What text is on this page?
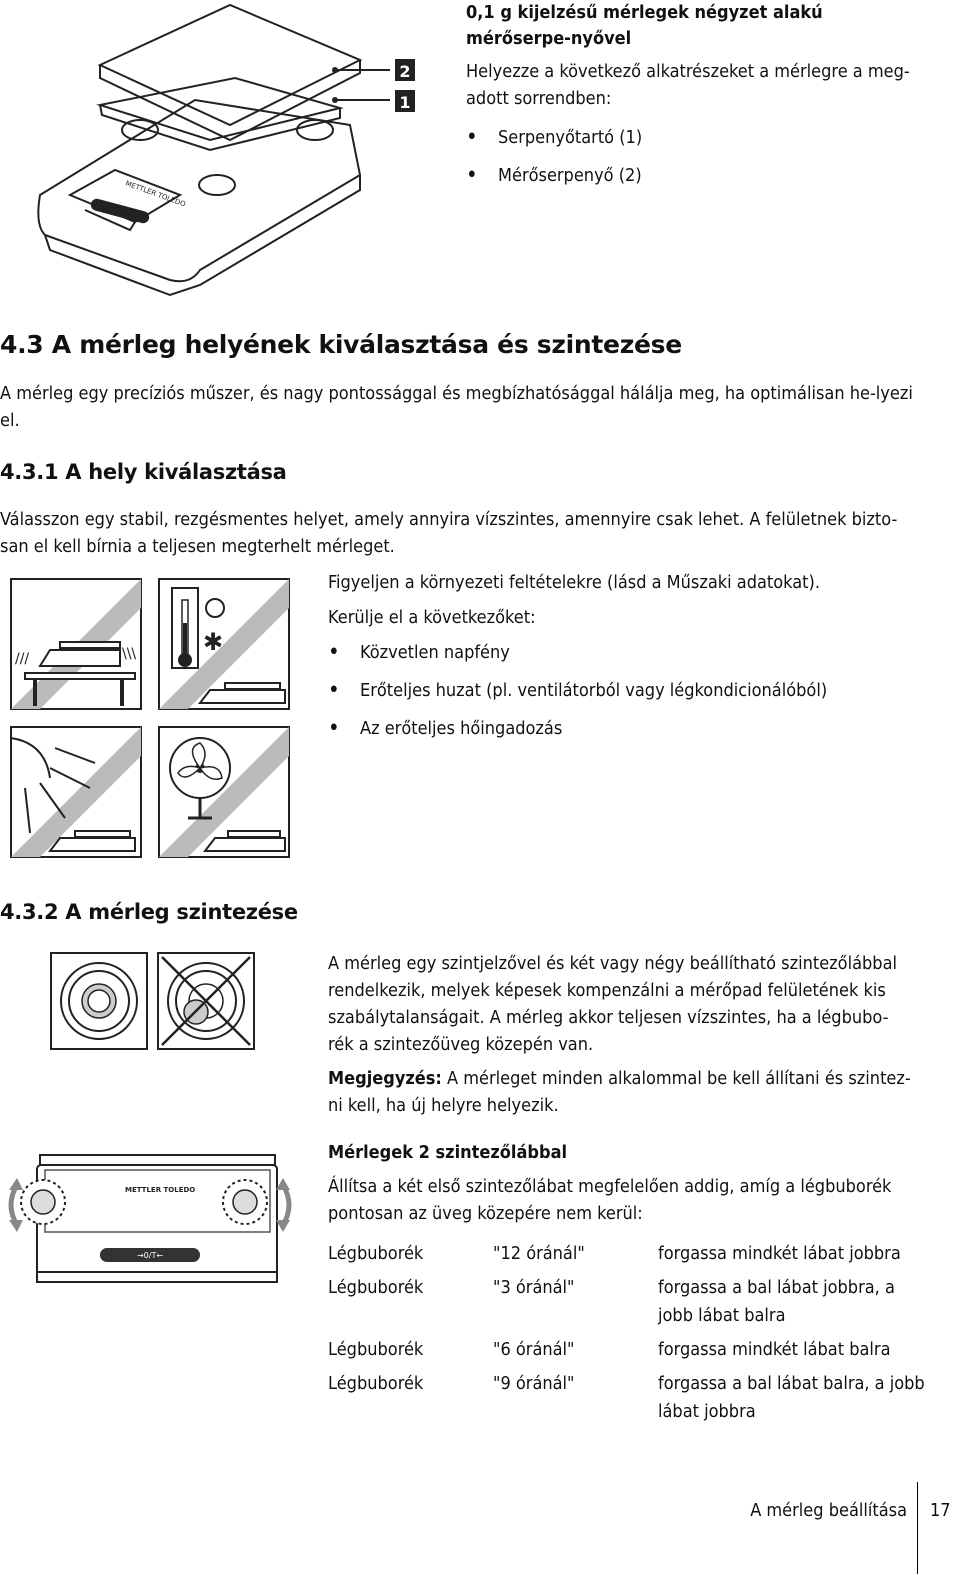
METTLER TOLEDO
2
1
0,1 g kijelzésű mérlegek négyzet alakú mérőserpe-nyővel
Helyezze a következő alkatrészeket a mérlegre a meg-adott sorrendben:
• Serpenyőtartó (1)
• Mérőserpenyő (2)
4.3 A mérleg helyének kiválasztása és szintezése
A mérleg egy precíziós műszer, és nagy pontossággal és megbízhatósággal hálálja meg, ha optimálisan he-lyezi el.
4.3.1 A hely kiválasztása
Válasszon egy stabil, rezgésmentes helyet, amely annyira vízszintes, amennyire csak lehet. A felületnek bizto-san el kell bírnia a teljesen megterhelt mérleget.
///	\\\	✱
Figyeljen a környezeti feltételekre (lásd a Műszaki adatokat).
Kerülje el a következőket:
• Közvetlen napfény
• Erőteljes huzat (pl. ventilátorból vagy légkondicionálóból)
• Az erőteljes hőingadozás
4.3.2 A mérleg szintezése
A mérleg egy szintjelzővel és két vagy négy beállítható szintezőlábbal rendelkezik, melyek képesek kompenzálni a mérőpad felületének kis szabálytalanságait. A mérleg akkor teljesen vízszintes, ha a légbubo-rék a szintezőüveg közepén van.
Megjegyzés: A mérleget minden alkalommal be kell állítani és szintez-ni kell, ha új helyre helyezik.
METTLER TOLEDO
→0/T←
Mérlegek 2 szintezőlábbal
Állítsa a két első szintezőlábat megfelelően addig, amíg a légbuborék pontosan az üveg közepére nem kerül:
Légbuborék	"12 óránál"	forgassa mindkét lábat jobbra
Légbuborék	"3 óránál"	forgassa a bal lábat jobbra, a jobb lábat balra
Légbuborék	"6 óránál"	forgassa mindkét lábat balra
Légbuborék	"9 óránál"	forgassa a bal lábat balra, a jobb lábat jobbra
A mérleg beállítása 17
